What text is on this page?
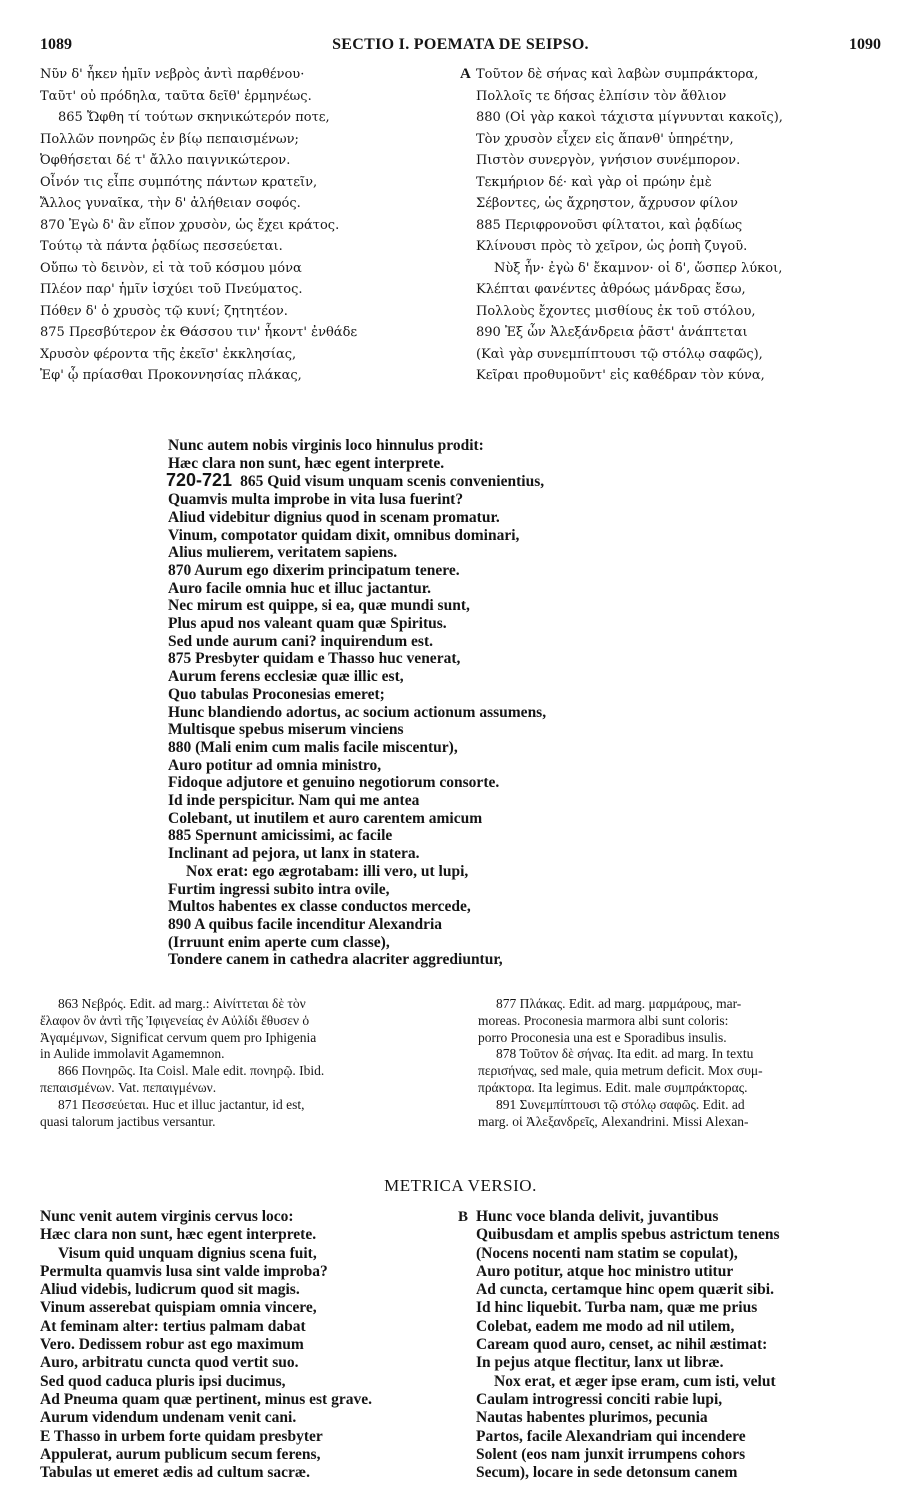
1089	SECTIO I. POEMATA DE SEIPSO.	1090
Νῦν δ' ἦκεν ἡμῖν νεβρὸς ἀντὶ παρθένου·
Ταῦτ' οὐ πρόδηλα, ταῦτα δεῖθ' ἑρμηνέως.
865 Ὤφθη τί τούτων σκηνικώτερόν ποτε,
Πολλῶν πονηρῶς ἐν βίῳ πεπαισμένων;
Ὀφθήσεται δέ τ' ἄλλο παιγνικώτερον.
Οἶνόν τις εἶπε συμπότης πάντων κρατεῖν,
Ἄλλος γυναῖκα, τὴν δ' ἀλήθειαν σοφός.
870 Ἐγὼ δ' ἂν εἴπον χρυσὸν, ὡς ἔχει κράτος.
Τούτῳ τὰ πάντα ῥᾳδίως πεσσεύεται.
Οὔπω τὸ δεινὸν, εἰ τὰ τοῦ κόσμου μόνα
Πλέον παρ' ἡμῖν ἰσχύει τοῦ Πνεύματος.
Πόθεν δ' ὁ χρυσὸς τῷ κυνί; ζητητέον.
875 Πρεσβύτερον ἐκ Θάσσου τιν' ἧκοντ' ἐνθάδε
Χρυσὸν φέροντα τῆς ἐκεῖσ' ἐκκλησίας,
Ἐφ' ᾧ πρίασθαι Προκοννησίας πλάκας,
A Τοῦτον δὲ σήνας καὶ λαβὼν συμπράκτορα,
Πολλοῖς τε δήσας ἐλπίσιν τὸν ἄθλιον
880 (Οἱ γὰρ κακοὶ τάχιστα μίγνυνται κακοῖς),
Τὸν χρυσὸν εἶχεν εἰς ἅπανθ' ὑπηρέτην,
Πιστὸν συνεργὸν, γνήσιον συνέμπορον.
Τεκμήριον δέ· καὶ γὰρ οἱ πρώην ἐμὲ
Σέβοντες, ὡς ἄχρηστον, ἄχρυσον φίλον
885 Περιφρονοῦσι φίλτατοι, καὶ ῥᾳδίως
Κλίνουσι πρὸς τὸ χεῖρον, ὡς ῥοπὴ ζυγοῦ.
Νὺξ ἦν· ἐγὼ δ' ἔκαμνον· οἱ δ', ὥσπερ λύκοι,
Κλέπται φανέντες ἀθρόως μάνδρας ἔσω,
Πολλοὺς ἔχοντες μισθίους ἐκ τοῦ στόλου,
890 Ἐξ ὧν Ἀλεξάνδρεια ῥᾶστ' ἀνάπτεται
(Καὶ γὰρ συνεμπίπτουσι τῷ στόλῳ σαφῶς),
Κεῖραι προθυμοῦντ' εἰς καθέδραν τὸν κύνα,
Nunc autem nobis virginis loco hinnulus prodit:
Hæc clara non sunt, hæc egent interprete.
720-721 865 Quid visum unquam scenis convenientius,
Quamvis multa improbe in vita lusa fuerint?
Aliud videbitur dignius quod in scenam promatur.
Vinum, compotator quidam dixit, omnibus dominari,
Alius mulierem, veritatem sapiens.
870 Aurum ego dixerim principatum tenere.
Auro facile omnia huc et illuc jactantur.
Nec mirum est quippe, si ea, quæ mundi sunt,
Plus apud nos valeant quam quæ Spiritus.
Sed unde aurum cani? inquirendum est.
875 Presbyter quidam e Thasso huc venerat,
Aurum ferens ecclesiæ quæ illic est,
Quo tabulas Proconesias emeret;
Hunc blandiendo adortus, ac socium actionum assumens,
Multisque spebus miserum vinciens
880 (Mali enim cum malis facile miscentur),
Auro potitur ad omnia ministro,
Fidoque adjutore et genuino negotiorum consorte.
Id inde perspicitur. Nam qui me antea
Colebant, ut inutilem et auro carentem amicum
885 Spernunt amicissimi, ac facile
Inclinant ad pejora, ut lanx in statera.
Nox erat: ego ægrotabam: illi vero, ut lupi,
Furtim ingressi subito intra ovile,
Multos habentes ex classe conductos mercede,
890 A quibus facile incenditur Alexandria
(Irruunt enim aperte cum classe),
Tondere canem in cathedra alacriter aggrediuntur,
863 Νεβρός. Edit. ad marg.: Αἰνίττεται δὲ τὸν
ἔλαφον ὃν ἀντὶ τῆς Ἰφιγενείας ἐν Αὐλίδι ἔθυσεν ὁ
Ἀγαμέμνων, Significat cervum quem pro Iphigenia
in Aulide immolavit Agamemnon.
866 Πονηρῶς. Ita Coisl. Male edit. πονηρῷ. Ibid.
πεπαισμένων. Vat. πεπαιγμένων.
871 Πεσσεύεται. Huc et illuc jactantur, id est,
quasi talorum jactibus versantur.
877 Πλάκας. Edit. ad marg. μαρμάρους, mar-
moreas. Proconesia marmora albi sunt coloris:
porro Proconesia una est e Sporadibus insulis.
878 Τοῦτον δὲ σήνας. Ita edit. ad marg. In textu
περισήνας, sed male, quia metrum deficit. Mox συμ-
πράκτορα. Ita legimus. Edit. male συμπράκτορας.
891 Συνεμπίπτουσι τῷ στόλῳ σαφῶς. Edit. ad
marg. οἱ Ἀλεξανδρεῖς, Alexandrini. Missi Alexan-
METRICA VERSIO.
Nunc venit autem virginis cervus loco:
Hæc clara non sunt, hæc egent interprete.
Visum quid unquam dignius scena fuit,
Permulta quamvis lusa sint valde improba?
Aliud videbis, ludicrum quod sit magis.
Vinum asserebat quispiam omnia vincere,
At feminam alter: tertius palmam dabat
Vero. Dedissem robur ast ego maximum
Auro, arbitratu cuncta quod vertit suo.
Sed quod caduca pluris ipsi ducimus,
Ad Pneuma quam quæ pertinent, minus est grave.
Aurum videndum undenam venit cani.
E Thasso in urbem forte quidam presbyter
Appulerat, aurum publicum secum ferens,
Tabulas ut emeret ædis ad cultum sacræ.
B Hunc voce blanda delivit, juvantibus
Quibusdam et amplis spebus astrictum tenens
(Nocens nocenti nam statim se copulat),
Auro potitur, atque hoc ministro utitur
Ad cuncta, certamque hinc opem quærit sibi.
Id hinc liquebit. Turba nam, quæ me prius
Colebat, eadem me modo ad nil utilem,
Caream quod auro, censet, ac nihil æstimat:
In pejus atque flectitur, lanx ut libræ.
Nox erat, et æger ipse eram, cum isti, velut
Caulam introgressi conciti rabie lupi,
Nautas habentes plurimos, pecunia
Partos, facile Alexandriam qui incendere
Solent (eos nam junxit irrumpens cohors
Secum), locare in sede detonsum canem
